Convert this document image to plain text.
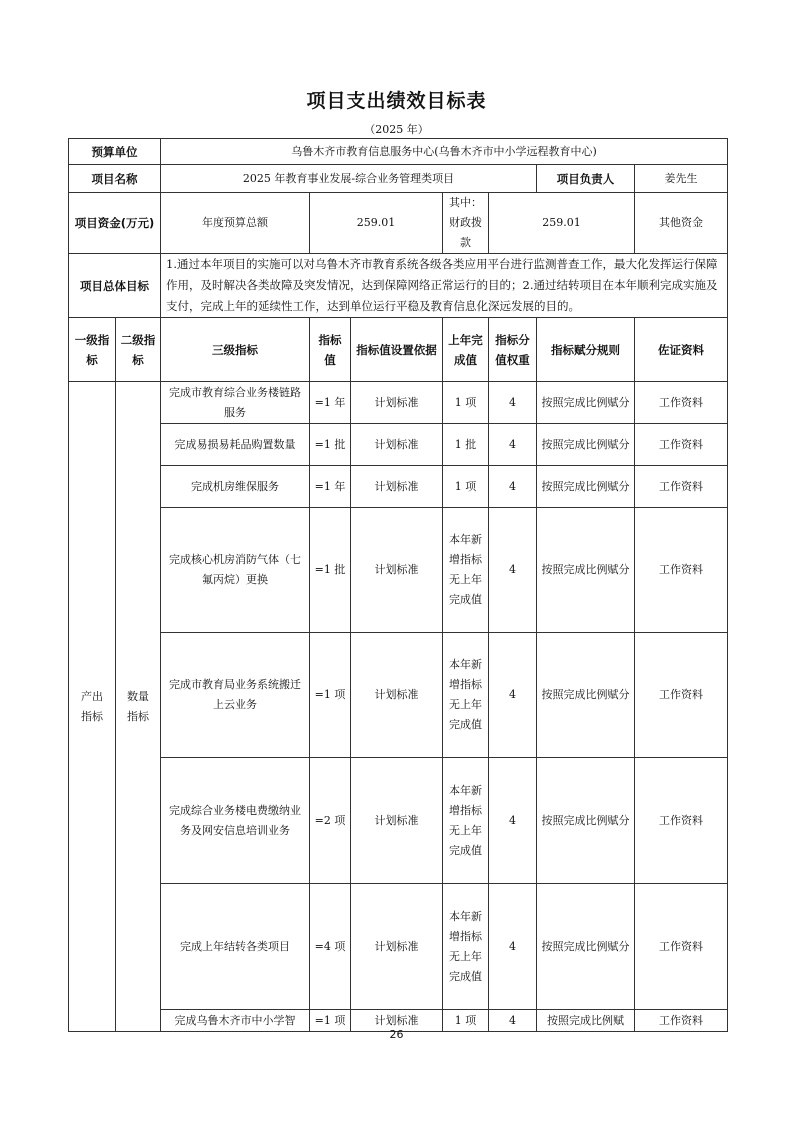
项目支出绩效目标表
（2025 年）
预算单位		乌鲁木齐市教育信息服务中心(乌鲁木齐市中小学远程教育中心)							
项目名称		2025 年教育事业发展-综合业务管理类项目					项目负责人	姜先生	
项目资金(万元)		年度预算总额	259.01		其中：财政拨款	259.01		其他资金	
项目总体目标		1.通过本年项目的实施可以对乌鲁木齐市教育系统各级各类应用平台进行监测普查工作，最大化发挥运行保障作用，及时解决各类故障及突发情况，达到保障网络正常运行的目的；2.通过结转项目在本年顺利完成实施及支付，完成上年的延续性工作，达到单位运行平稳及教育信息化深远发展的目的。							
一级指标	二级指标	三级指标	指标值	指标值设置依据	上年完成值	指标分值权重	指标赋分规则	佐证资料	
产出指标	数量指标	完成市教育综合业务楼链路服务	=1 年	计划标准	1 项	4	按照完成比例赋分	工作资料	
		完成易损易耗品购置数量	=1 批	计划标准	1 批	4	按照完成比例赋分	工作资料	
		完成机房维保服务	=1 年	计划标准	1 项	4	按照完成比例赋分	工作资料	
		完成核心机房消防气体（七氟丙烷）更换	=1 批	计划标准	本年新增指标无上年完成值	4	按照完成比例赋分	工作资料	
		完成市教育局业务系统搬迁上云业务	=1 项	计划标准	本年新增指标无上年完成值	4	按照完成比例赋分	工作资料	
		完成综合业务楼电费缴纳业务及网安信息培训业务	=2 项	计划标准	本年新增指标无上年完成值	4	按照完成比例赋分	工作资料	
		完成上年结转各类项目	=4 项	计划标准	本年新增指标无上年完成值	4	按照完成比例赋分	工作资料	
		完成乌鲁木齐市中小学智	=1 项	计划标准	1 项	4	按照完成比例赋	工作资料	
26
